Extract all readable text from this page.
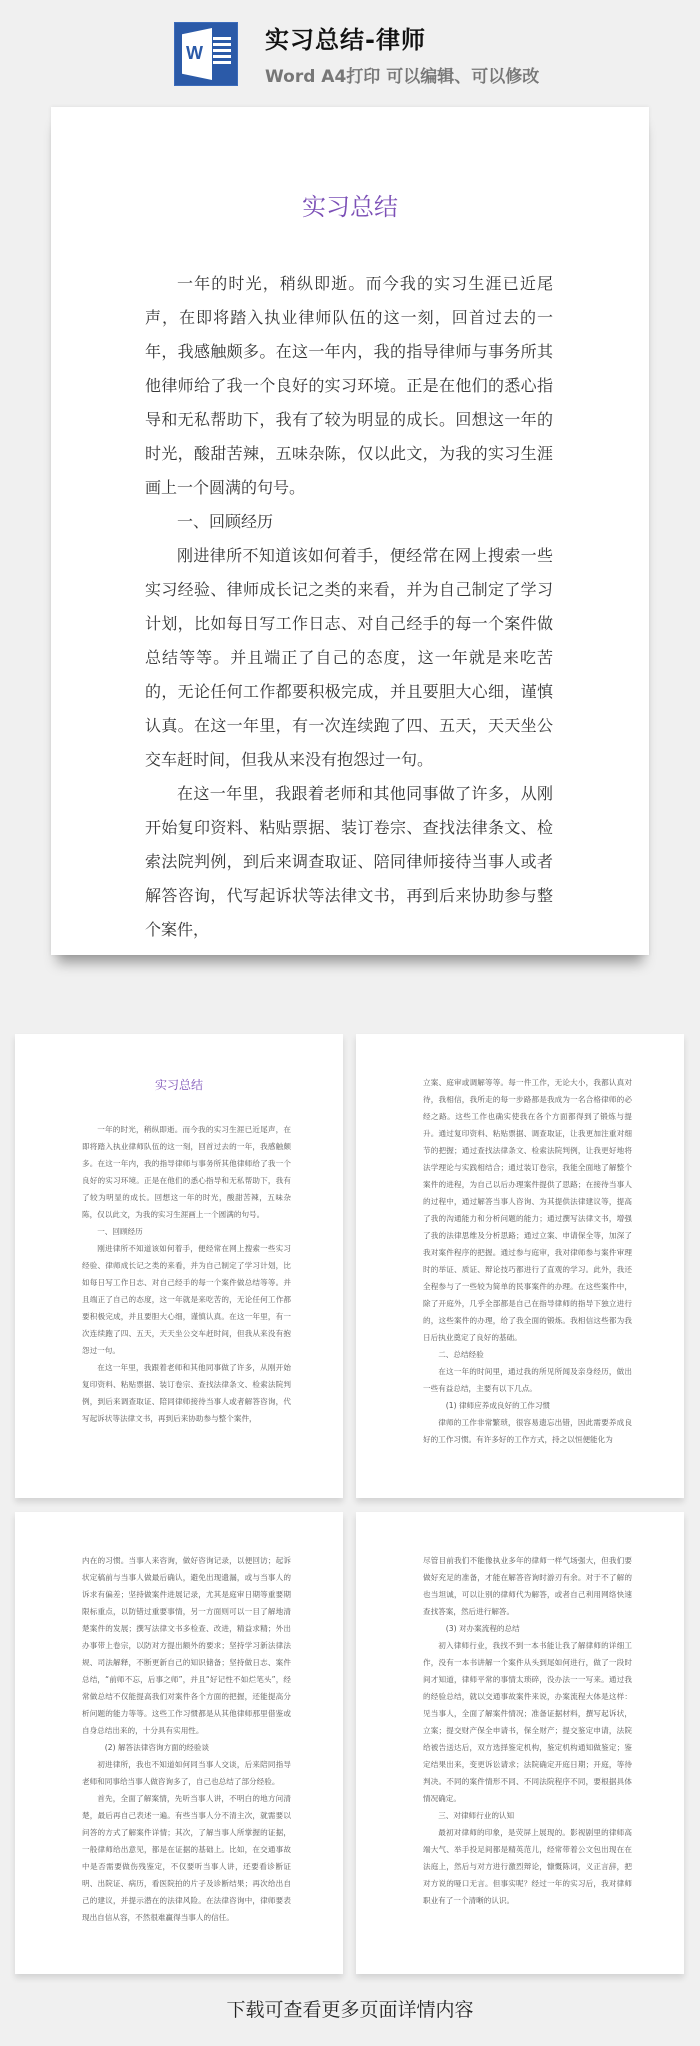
W	实习总结-律师
Word A4打印 可以编辑、可以修改
实习总结

一年的时光，稍纵即逝。而今我的实习生涯已近尾声，在即将踏入执业律师队伍的这一刻，回首过去的一年，我感触颇多。在这一年内，我的指导律师与事务所其他律师给了我一个良好的实习环境。正是在他们的悉心指导和无私帮助下，我有了较为明显的成长。回想这一年的时光，酸甜苦辣，五味杂陈，仅以此文，为我的实习生涯画上一个圆满的句号。

一、回顾经历

刚进律所不知道该如何着手，便经常在网上搜索一些实习经验、律师成长记之类的来看，并为自己制定了学习计划，比如每日写工作日志、对自己经手的每一个案件做总结等等。并且端正了自己的态度，这一年就是来吃苦的，无论任何工作都要积极完成，并且要胆大心细，谨慎认真。在这一年里，有一次连续跑了四、五天，天天坐公交车赶时间，但我从来没有抱怨过一句。

在这一年里，我跟着老师和其他同事做了许多，从刚开始复印资料、粘贴票据、装订卷宗、查找法律条文、检索法院判例，到后来调查取证、陪同律师接待当事人或者解答咨询，代写起诉状等法律文书，再到后来协助参与整个案件，

实习总结

一年的时光，稍纵即逝。而今我的实习生涯已近尾声，在即将踏入执业律师队伍的这一刻，回首过去的一年，我感触颇多。在这一年内，我的指导律师与事务所其他律师给了我一个良好的实习环境。正是在他们的悉心指导和无私帮助下，我有了较为明显的成长。回想这一年的时光，酸甜苦辣，五味杂陈，仅以此文，为我的实习生涯画上一个圆满的句号。

一、回顾经历

刚进律所不知道该如何着手，便经常在网上搜索一些实习经验、律师成长记之类的来看，并为自己制定了学习计划，比如每日写工作日志、对自己经手的每一个案件做总结等等。并且端正了自己的态度，这一年就是来吃苦的，无论任何工作都要积极完成，并且要胆大心细，谨慎认真。在这一年里，有一次连续跑了四、五天，天天坐公交车赶时间，但我从来没有抱怨过一句。

在这一年里，我跟着老师和其他同事做了许多，从刚开始复印资料、粘贴票据、装订卷宗、查找法律条文、检索法院判例，到后来调查取证、陪同律师接待当事人或者解答咨询，代写起诉状等法律文书，再到后来协助参与整个案件，

立案、庭审或调解等等。每一件工作，无论大小，我都认真对待，我相信，我所走的每一步路都是我成为一名合格律师的必经之路。这些工作也确实使我在各个方面都得到了锻炼与提升。通过复印资料、粘贴票据、调查取证，让我更加注重对细节的把握；通过查找法律条文、检索法院判例，让我更好地将法学理论与实践相结合；通过装订卷宗，我能全面地了解整个案件的进程，为自己以后办理案件提供了思路；在接待当事人的过程中，通过解答当事人咨询、为其提供法律建议等，提高了我的沟通能力和分析问题的能力；通过撰写法律文书，增强了我的法律思维及分析思路；通过立案、申请保全等，加深了我对案件程序的把握。通过参与庭审，我对律师参与案件审理时的举证、质证、辩论技巧都进行了直观的学习。此外，我还全程参与了一些较为简单的民事案件的办理。在这些案件中，除了开庭外，几乎全部都是自己在指导律师的指导下独立进行的，这些案件的办理，给了我全面的锻炼。我相信这些都为我日后执业奠定了良好的基础。

二、总结经验

在这一年的时间里，通过我的所见所闻及亲身经历，做出一些有益总结，主要有以下几点。

(1) 律师应养成良好的工作习惯

律师的工作非常繁琐，很容易遗忘出错，因此需要养成良好的工作习惯。有许多好的工作方式，持之以恒便能化为

内在的习惯。当事人来咨询，做好咨询记录，以便回访；起诉状定稿前与当事人做最后确认，避免出现遗漏，或与当事人的诉求有偏差；坚持做案件进展记录，尤其是庭审日期等重要期限标重点，以防错过重要事情，另一方面则可以一目了解地清楚案件的发展；撰写法律文书多检查、改进，精益求精；外出办事带上卷宗，以防对方提出额外的要求；坚持学习新法律法规、司法解释，不断更新自己的知识储备；坚持做日志、案件总结，“前师不忘，后事之师”，并且“好记性不如烂笔头”，经常做总结不仅能提高我们对案件各个方面的把握，还能提高分析问题的能力等等。这些工作习惯都是从其他律师那里借鉴或自身总结出来的，十分具有实用性。

(2) 解答法律咨询方面的经验谈

初进律所，我也不知道如何同当事人交谈，后来陪同指导老师和同事给当事人做咨询多了，自己也总结了部分经验。

首先，全面了解案情，先听当事人讲，不明白的地方问清楚，最后再自己表述一遍。有些当事人分不清主次，就需要以问答的方式了解案件详情；其次，了解当事人所掌握的证据，一般律师给出意见，都是在证据的基础上。比如，在交通事故中是否需要做伤残鉴定，不仅要听当事人讲，还要看诊断证明、出院证、病历，看医院拍的片子及诊断结果；再次给出自己的建议，并提示潜在的法律风险。在法律咨询中，律师要表现出自信从容，不然很难赢得当事人的信任。

尽管目前我们不能像执业多年的律师一样气场强大，但我们要做好充足的准备，才能在解答咨询时游刃有余。对于不了解的也当坦诚，可以让别的律师代为解答，或者自己利用网络快速查找答案，然后进行解答。

(3) 对办案流程的总结

初入律师行业，我找不到一本书能让我了解律师的详细工作，没有一本书讲解一个案件从头到尾如何进行，做了一段时间才知道，律师平常的事情太琐碎，没办法一一写来。通过我的经验总结，就以交通事故案件来说，办案流程大体是这样：见当事人，全面了解案件情况；准备证据材料，撰写起诉状，立案；提交财产保全申请书，保全财产；提交鉴定申请，法院给被告送达后，双方选择鉴定机构，鉴定机构通知做鉴定；鉴定结果出来，变更诉讼请求；法院确定开庭日期；开庭，等待判决。不同的案件情形不同、不同法院程序不同，要根据具体情况确定。

三、对律师行业的认知

最初对律师的印象，是荧屏上展现的。影视剧里的律师高端大气、举手投足间都是精英范儿，经常带着公文包出现在在法庭上，然后与对方进行激烈辩论，慷慨陈词，义正言辞，把对方说的哑口无言。但事实呢？经过一年的实习后，我对律师职业有了一个清晰的认识。

下载可查看更多页面详情内容
